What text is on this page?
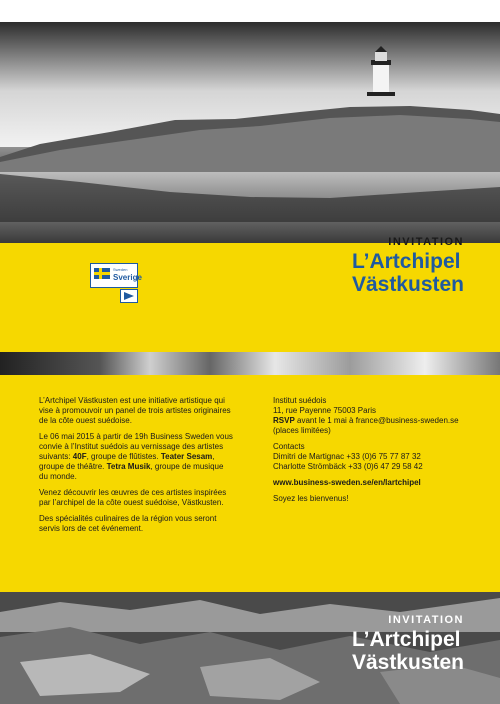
Sweden
Sverige
INVITATION
L’Artchipel
Västkusten

L’Artchipel Västkusten est une initiative artistique qui vise à promouvoir un panel de trois artistes originaires de la côte ouest suédoise.

Le 06 mai 2015 à partir de 19h Business Sweden vous convie à l’Institut suédois au vernissage des artistes suivants: 40F, groupe de flûtistes. Teater Sesam, groupe de théâtre. Tetra Musik, groupe de musique du monde.

Venez découvrir les œuvres de ces artistes inspirées par l’archipel de la côte ouest suédoise, Västkusten.

Des spécialités culinaires de la région vous seront servis lors de cet événement.

Institut suédois
11, rue Payenne 75003 Paris
RSVP avant le 1 mai à france@business-sweden.se (places limitées)

Contacts
Dimitri de Martignac +33 (0)6 75 77 87 32
Charlotte Strömbäck +33 (0)6 47 29 58 42

www.business-sweden.se/en/lartchipel

Soyez les bienvenus!

INVITATION
L’Artchipel
Västkusten
